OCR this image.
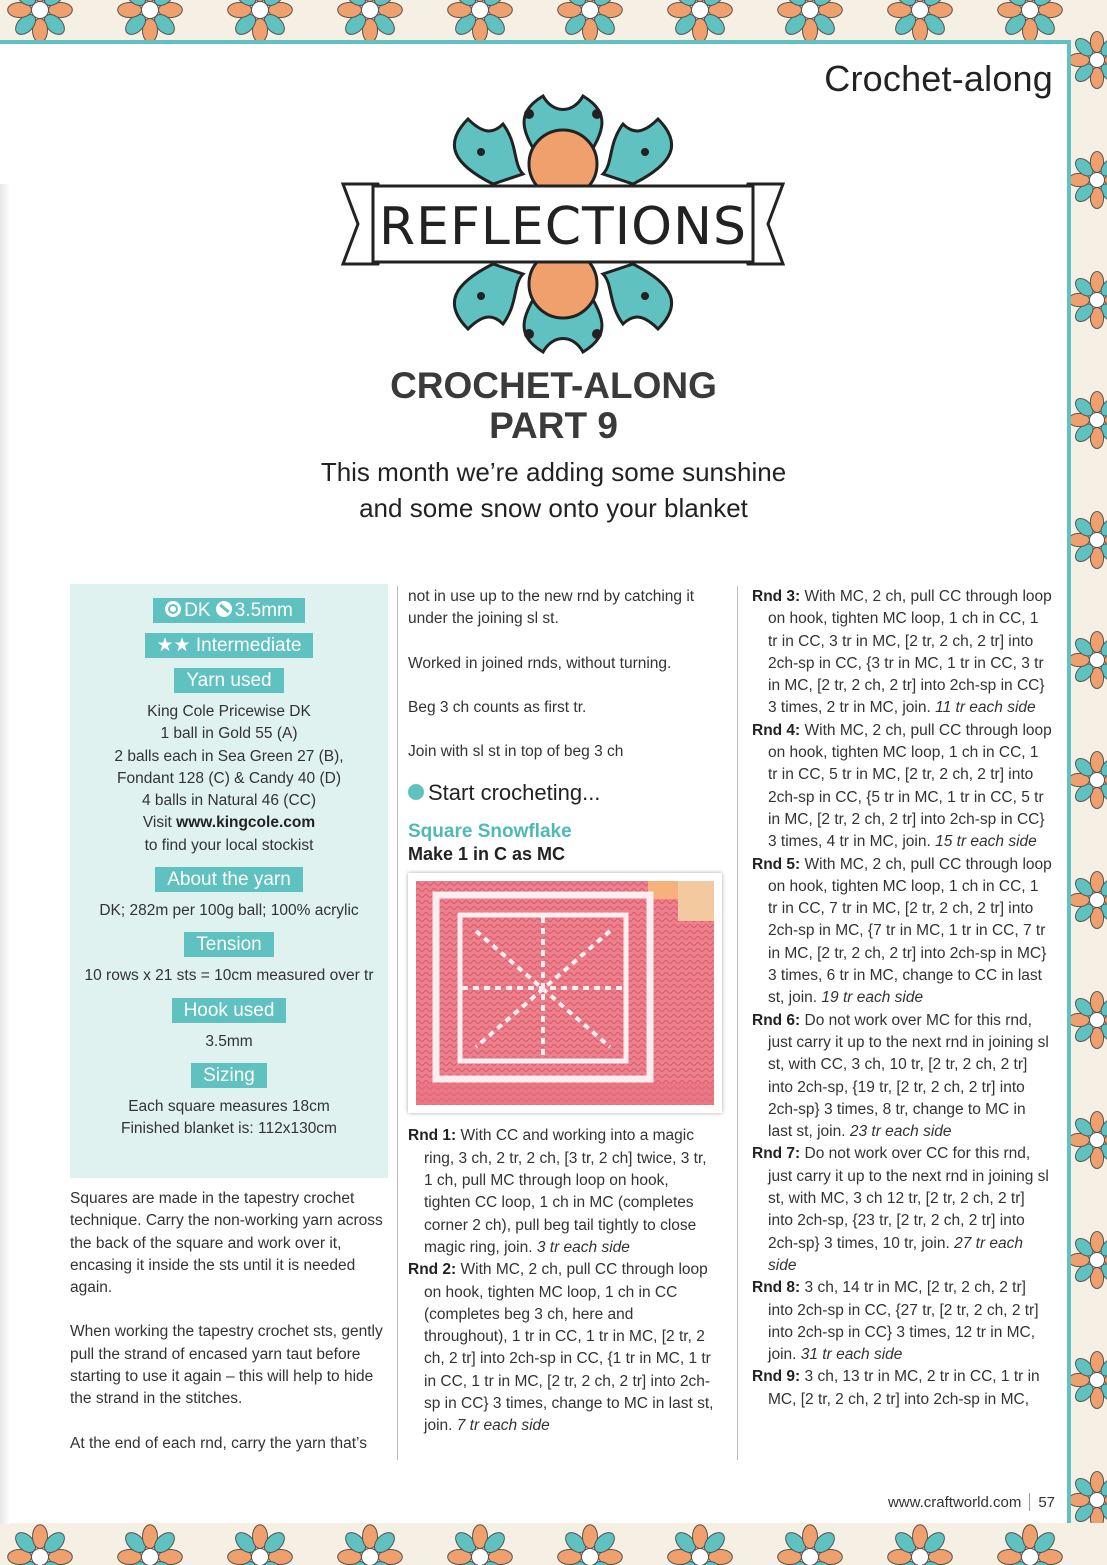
Crochet-along
REFLECTIONS
CROCHET-ALONG
PART 9
This month we’re adding some sunshine
and some snow onto your blanket
DK 3.5mm
★★ Intermediate
Yarn used

King Cole Pricewise DK
1 ball in Gold 55 (A)
2 balls each in Sea Green 27 (B),
Fondant 128 (C) & Candy 40 (D)
4 balls in Natural 46 (CC)
Visit www.kingcole.com
to find your local stockist

About the yarn

DK; 282m per 100g ball; 100% acrylic

Tension

10 rows x 21 sts = 10cm measured over tr

Hook used

3.5mm

Sizing

Each square measures 18cm
Finished blanket is: 112x130cm

Squares are made in the tapestry crochet technique. Carry the non-working yarn across the back of the square and work over it, encasing it inside the sts until it is needed again.

When working the tapestry crochet sts, gently pull the strand of encased yarn taut before starting to use it again – this will help to hide the strand in the stitches.

At the end of each rnd, carry the yarn that’s

not in use up to the new rnd by catching it under the joining sl st.

Worked in joined rnds, without turning.

Beg 3 ch counts as first tr.

Join with sl st in top of beg 3 ch

Start crocheting...
Square Snowflake
Make 1 in C as MC

Rnd 1: With CC and working into a magic ring, 3 ch, 2 tr, 2 ch, [3 tr, 2 ch] twice, 3 tr, 1 ch, pull MC through loop on hook, tighten CC loop, 1 ch in MC (completes corner 2 ch), pull beg tail tightly to close magic ring, join. 3 tr each side

Rnd 2: With MC, 2 ch, pull CC through loop on hook, tighten MC loop, 1 ch in CC (completes beg 3 ch, here and throughout), 1 tr in CC, 1 tr in MC, [2 tr, 2 ch, 2 tr] into 2ch-sp in CC, {1 tr in MC, 1 tr in CC, 1 tr in MC, [2 tr, 2 ch, 2 tr] into 2ch-sp in CC} 3 times, change to MC in last st, join. 7 tr each side

Rnd 3: With MC, 2 ch, pull CC through loop on hook, tighten MC loop, 1 ch in CC, 1 tr in CC, 3 tr in MC, [2 tr, 2 ch, 2 tr] into 2ch-sp in CC, {3 tr in MC, 1 tr in CC, 3 tr in MC, [2 tr, 2 ch, 2 tr] into 2ch-sp in CC} 3 times, 2 tr in MC, join. 11 tr each side

Rnd 4: With MC, 2 ch, pull CC through loop on hook, tighten MC loop, 1 ch in CC, 1 tr in CC, 5 tr in MC, [2 tr, 2 ch, 2 tr] into 2ch-sp in CC, {5 tr in MC, 1 tr in CC, 5 tr in MC, [2 tr, 2 ch, 2 tr] into 2ch-sp in CC} 3 times, 4 tr in MC, join. 15 tr each side

Rnd 5: With MC, 2 ch, pull CC through loop on hook, tighten MC loop, 1 ch in CC, 1 tr in CC, 7 tr in MC, [2 tr, 2 ch, 2 tr] into 2ch-sp in MC, {7 tr in MC, 1 tr in CC, 7 tr in MC, [2 tr, 2 ch, 2 tr] into 2ch-sp in MC} 3 times, 6 tr in MC, change to CC in last st, join. 19 tr each side

Rnd 6: Do not work over MC for this rnd, just carry it up to the next rnd in joining sl st, with CC, 3 ch, 10 tr, [2 tr, 2 ch, 2 tr] into 2ch-sp, {19 tr, [2 tr, 2 ch, 2 tr] into 2ch-sp} 3 times, 8 tr, change to MC in last st, join. 23 tr each side

Rnd 7: Do not work over CC for this rnd, just carry it up to the next rnd in joining sl st, with MC, 3 ch 12 tr, [2 tr, 2 ch, 2 tr] into 2ch-sp, {23 tr, [2 tr, 2 ch, 2 tr] into 2ch-sp} 3 times, 10 tr, join. 27 tr each side

Rnd 8: 3 ch, 14 tr in MC, [2 tr, 2 ch, 2 tr] into 2ch-sp in CC, {27 tr, [2 tr, 2 ch, 2 tr] into 2ch-sp in CC} 3 times, 12 tr in MC, join. 31 tr each side

Rnd 9: 3 ch, 13 tr in MC, 2 tr in CC, 1 tr in MC, [2 tr, 2 ch, 2 tr] into 2ch-sp in MC,

www.craftworld.com 57
